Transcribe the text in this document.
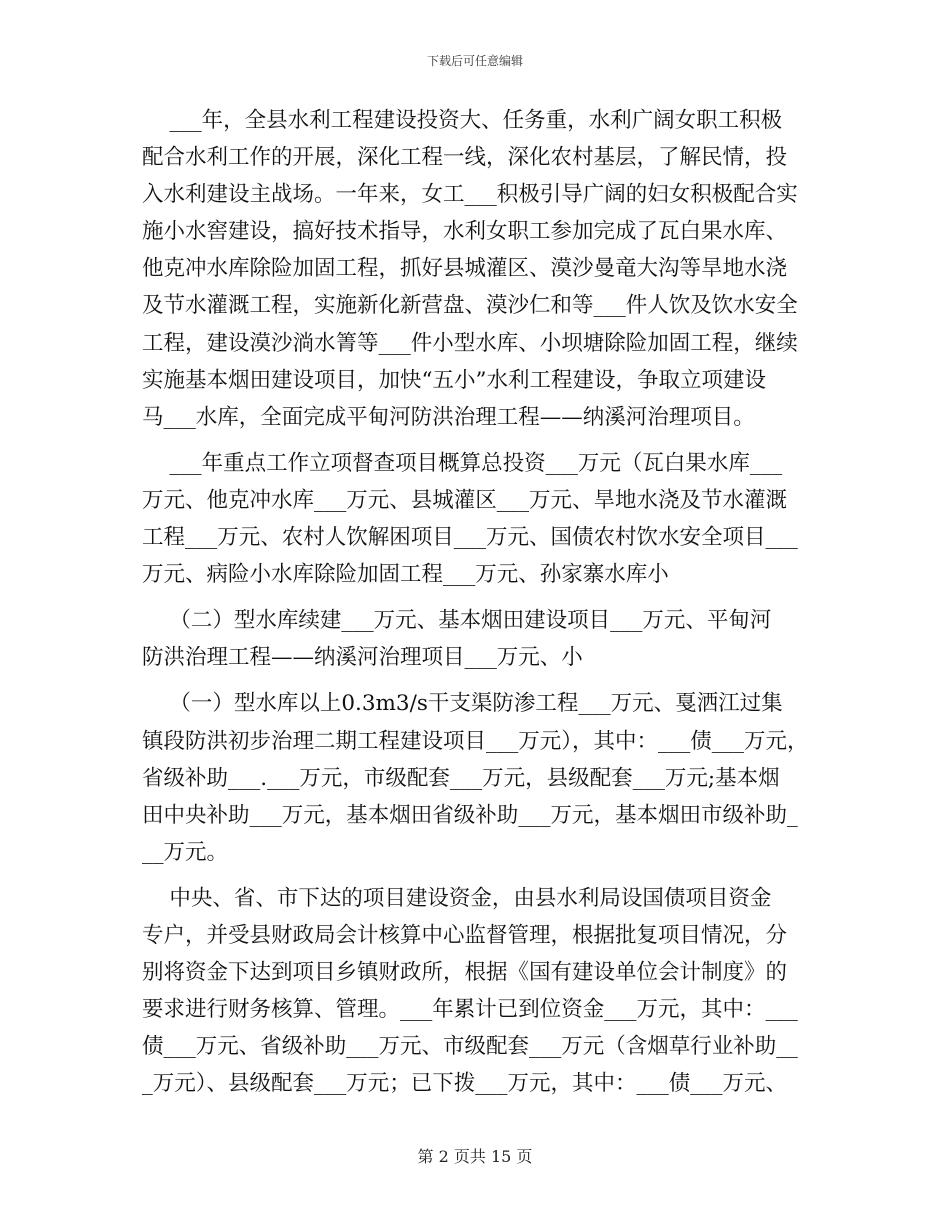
下载后可任意编辑
___年，全县水利工程建设投资大、任务重，水利广阔女职工积极
配合水利工作的开展，深化工程一线，深化农村基层，了解民情，投
入水利建设主战场。一年来，女工___积极引导广阔的妇女积极配合实
施小水窖建设，搞好技术指导，水利女职工参加完成了瓦白果水库、
他克冲水库除险加固工程，抓好县城灌区、漠沙曼竜大沟等旱地水浇
及节水灌溉工程，实施新化新营盘、漠沙仁和等___件人饮及饮水安全
工程，建设漠沙淌水箐等___件小型水库、小坝塘除险加固工程，继续
实施基本烟田建设项目，加快“五小”水利工程建设，争取立项建设
马___水库，全面完成平甸河防洪治理工程——纳溪河治理项目。
___年重点工作立项督查项目概算总投资___万元（瓦白果水库___
万元、他克冲水库___万元、县城灌区___万元、旱地水浇及节水灌溉
工程___万元、农村人饮解困项目___万元、国债农村饮水安全项目___
万元、病险小水库除险加固工程___万元、孙家寨水库小
（二）型水库续建___万元、基本烟田建设项目___万元、平甸河
防洪治理工程——纳溪河治理项目___万元、小
（一）型水库以上0.3m3/s干支渠防渗工程___万元、戛洒江过集
镇段防洪初步治理二期工程建设项目___万元），其中：___债___万元，
省级补助___.___万元，市级配套___万元，县级配套___万元;基本烟
田中央补助___万元，基本烟田省级补助___万元，基本烟田市级补助_
__万元。
中央、省、市下达的项目建设资金，由县水利局设国债项目资金
专户，并受县财政局会计核算中心监督管理，根据批复项目情况，分
别将资金下达到项目乡镇财政所，根据《国有建设单位会计制度》的
要求进行财务核算、管理。___年累计已到位资金___万元，其中：___
债___万元、省级补助___万元、市级配套___万元（含烟草行业补助__
_万元）、县级配套___万元；已下拨___万元，其中：___债___万元、
第 2 页共 15 页
